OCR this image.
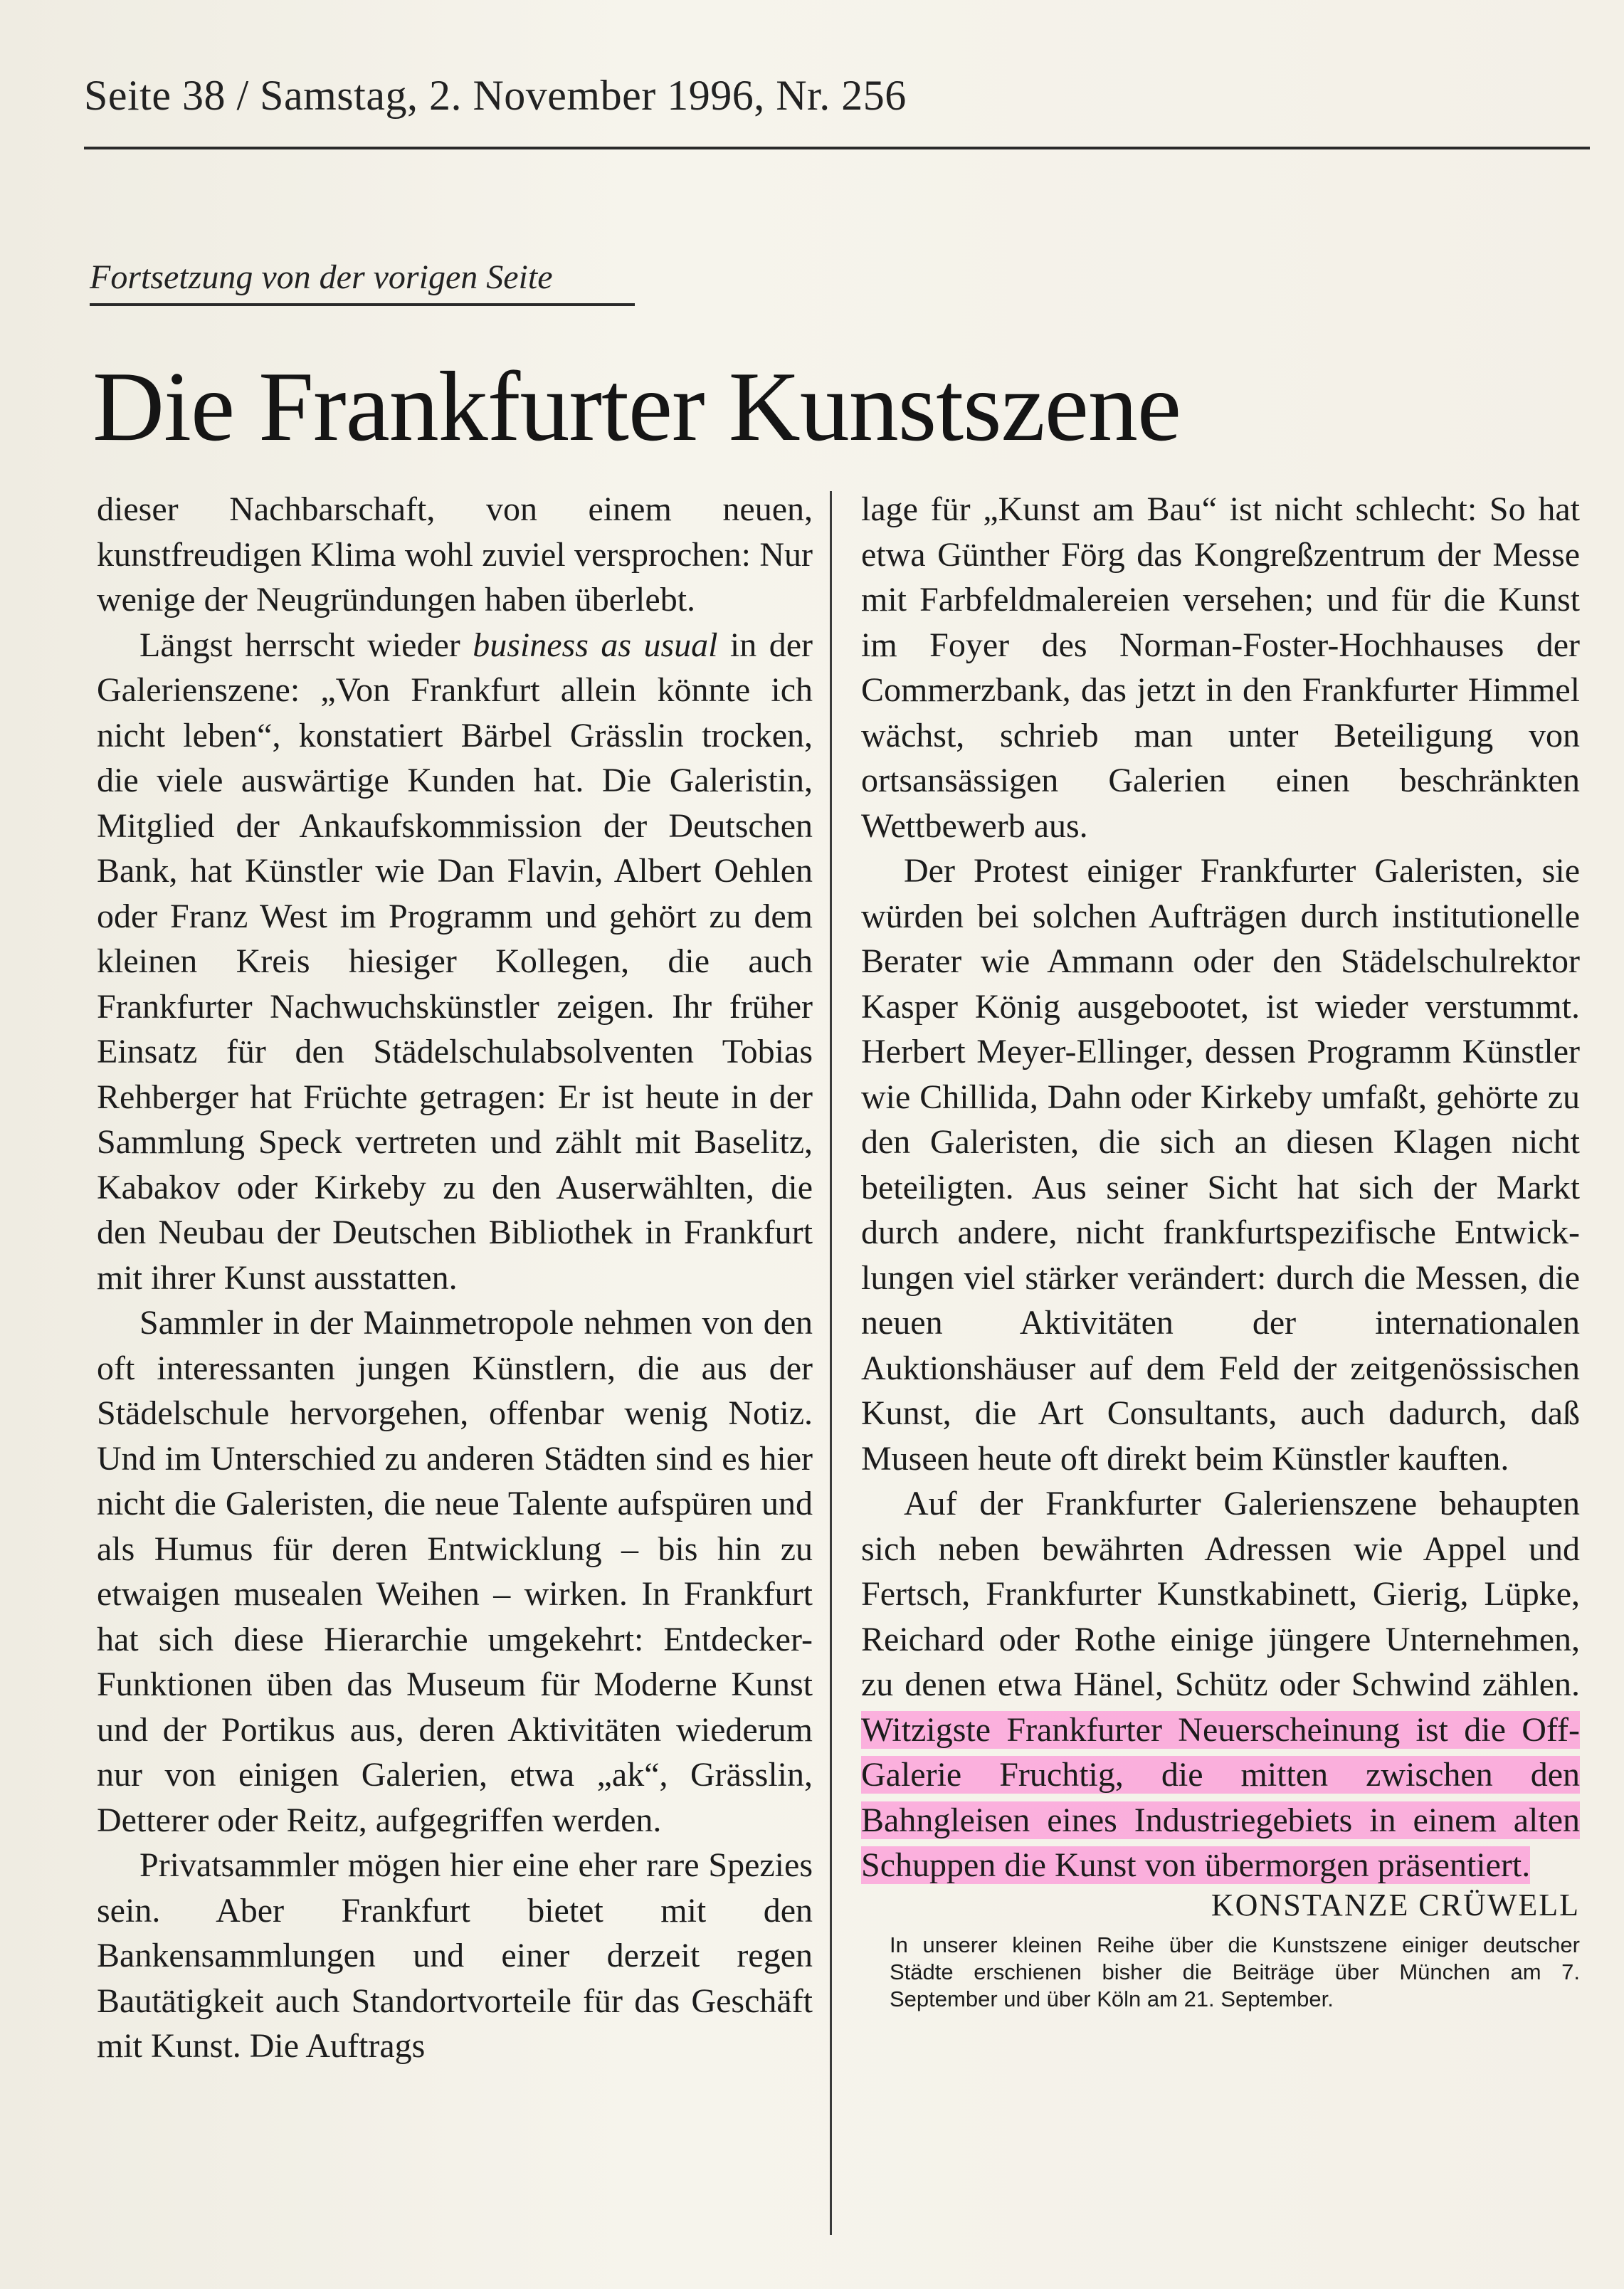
Seite 38 / Samstag, 2. November 1996, Nr. 256
Fortsetzung von der vorigen Seite
Die Frankfurter Kunstszene

dieser Nachbarschaft, von einem neuen, kunstfreudigen Klima wohl zuviel versprochen: Nur wenige der Neugründungen haben überlebt.

Längst herrscht wieder business as usual in der Galerienszene: „Von Frankfurt allein könnte ich nicht leben“, konstatiert Bärbel Grässlin trocken, die viele auswärtige Kunden hat. Die Galeristin, Mitglied der Ankaufskommission der Deutschen Bank, hat Künstler wie Dan Flavin, Albert Oehlen oder Franz West im Programm und gehört zu dem kleinen Kreis hiesiger Kollegen, die auch Frankfurter Nachwuchskünstler zeigen. Ihr früher Einsatz für den Städelschulabsolventen Tobias Rehberger hat Früchte getragen: Er ist heute in der Sammlung Speck vertreten und zählt mit Baselitz, Kabakov oder Kirkeby zu den Auserwählten, die den Neubau der Deutschen Bibliothek in Frankfurt mit ihrer Kunst ausstatten.

Sammler in der Mainmetropole nehmen von den oft interessanten jungen Künstlern, die aus der Städelschule hervorgehen, offenbar wenig Notiz. Und im Unterschied zu anderen Städten sind es hier nicht die Galeristen, die neue Talente aufspüren und als Humus für deren Entwicklung – bis hin zu etwaigen musealen Weihen – wirken. In Frankfurt hat sich diese Hierarchie umgekehrt: Entdecker-Funktionen üben das Museum für Moderne Kunst und der Portikus aus, deren Aktivitäten wiederum nur von einigen Galerien, etwa „ak“, Grässlin, Detterer oder Reitz, aufgegriffen werden.

Privatsammler mögen hier eine eher rare Spezies sein. Aber Frankfurt bietet mit den Bankensammlungen und einer derzeit regen Bautätigkeit auch Standortvorteile für das Geschäft mit Kunst. Die Auftrags

lage für „Kunst am Bau“ ist nicht schlecht: So hat etwa Günther Förg das Kongreßzentrum der Messe mit Farbfeldmalereien versehen; und für die Kunst im Foyer des Norman-Foster-Hochhauses der Commerzbank, das jetzt in den Frankfurter Himmel wächst, schrieb man unter Beteiligung von ortsansässigen Galerien einen beschränkten Wettbewerb aus.

Der Protest einiger Frankfurter Galeristen, sie würden bei solchen Aufträgen durch institutionelle Berater wie Ammann oder den Städelschulrektor Kasper König ausgebootet, ist wieder verstummt. Herbert Meyer-Ellinger, dessen Programm Künstler wie Chillida, Dahn oder Kirkeby umfaßt, gehörte zu den Galeristen, die sich an diesen Klagen nicht beteiligten. Aus seiner Sicht hat sich der Markt durch andere, nicht frankfurtspezifische Entwicklungen viel stärker verändert: durch die Messen, die neuen Aktivitäten der internationalen Auktionshäuser auf dem Feld der zeitgenössischen Kunst, die Art Consultants, auch dadurch, daß Museen heute oft direkt beim Künstler kauften.

Auf der Frankfurter Galerienszene behaupten sich neben bewährten Adressen wie Appel und Fertsch, Frankfurter Kunstkabinett, Gierig, Lüpke, Reichard oder Rothe einige jüngere Unternehmen, zu denen etwa Hänel, Schütz oder Schwind zählen. Witzigste Frankfurter Neuerscheinung ist die Off-Galerie Fruchtig, die mitten zwischen den Bahngleisen eines Industriegebiets in einem alten Schuppen die Kunst von übermorgen präsentiert.

KONSTANZE CRÜWELL
In unserer kleinen Reihe über die Kunstszene einiger deutscher Städte erschienen bisher die Beiträge über München am 7. September und über Köln am 21. September.
